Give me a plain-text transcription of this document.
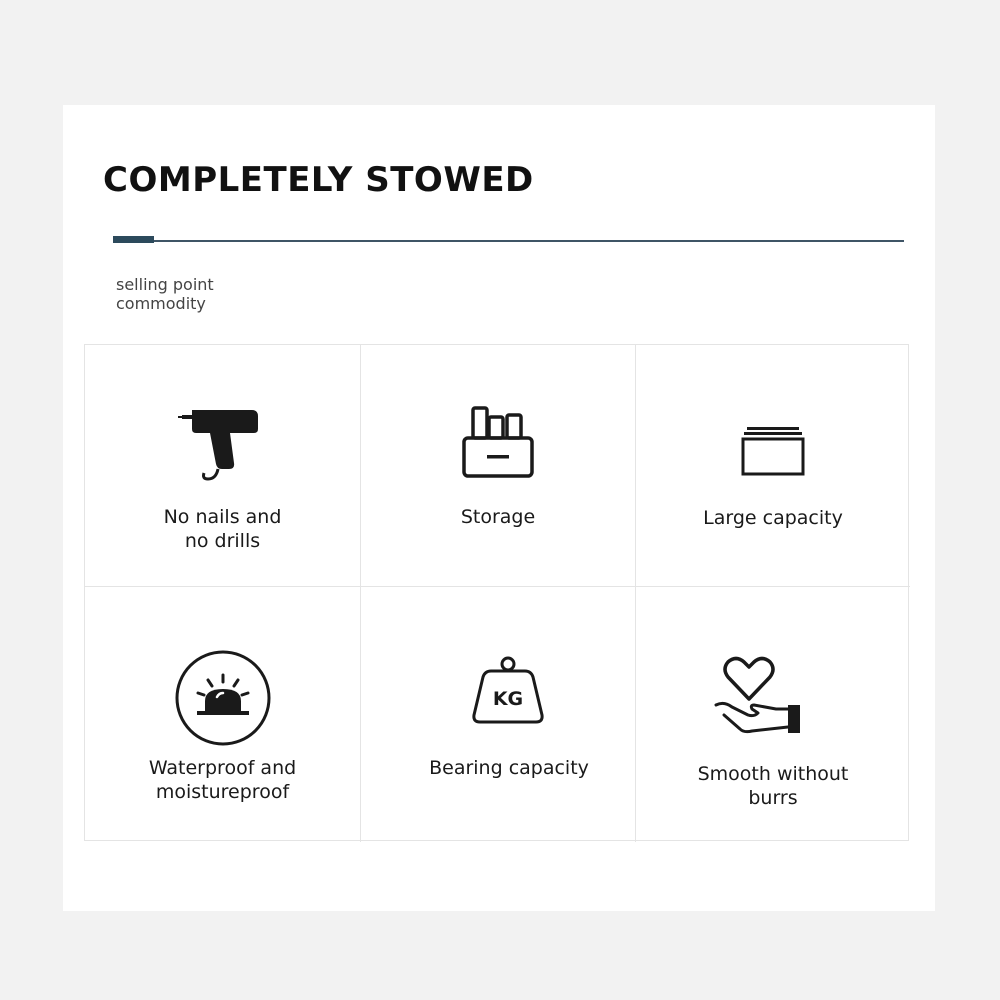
COMPLETELY STOWED
selling point
commodity
No nails and
no drills
Storage	Large capacity
Waterproof and
moistureproof
KG
Bearing capacity	Smooth without
burrs
